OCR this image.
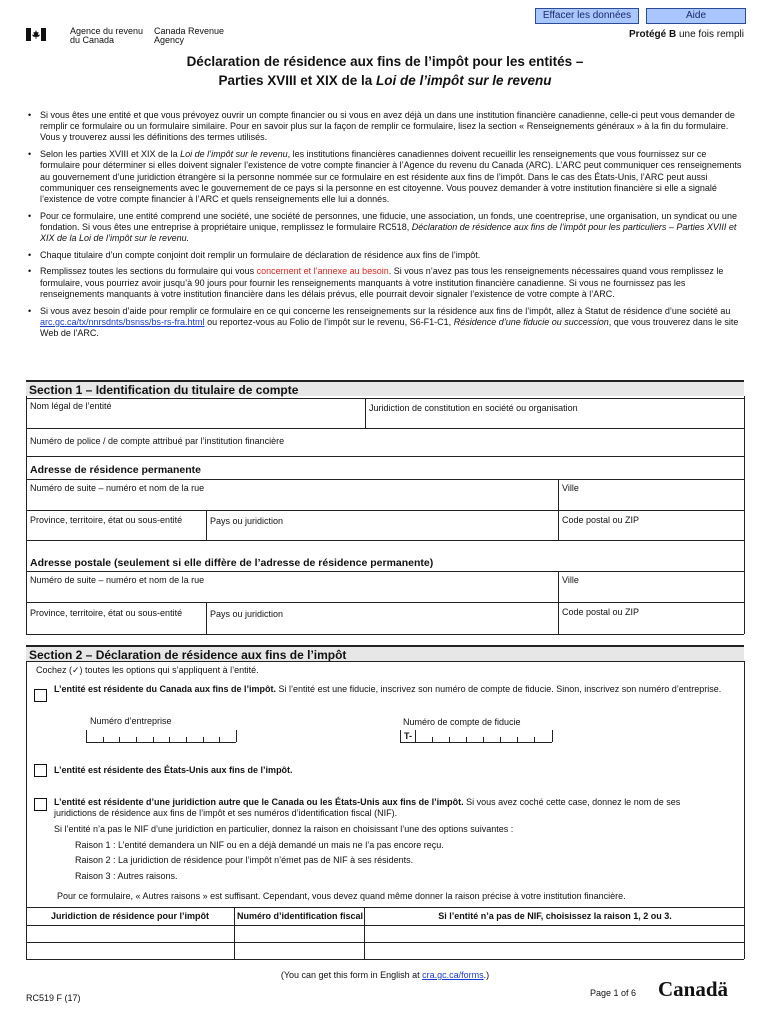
Effacer les données	Aide
Agence du revenu
du Canada
Canada Revenue
Agency	Protégé B une fois rempli
Déclaration de résidence aux fins de l’impôt pour les entités –
Parties XVIII et XIX de la Loi de l’impôt sur le revenu
• Si vous êtes une entité et que vous prévoyez ouvrir un compte financier ou si vous en avez déjà un dans une institution financière canadienne, celle-ci peut vous demander de remplir ce formulaire ou un formulaire similaire. Pour en savoir plus sur la façon de remplir ce formulaire, lisez la section « Renseignements généraux » à la fin du formulaire. Vous y trouverez aussi les définitions des termes utilisés.
• Selon les parties XVIII et XIX de la Loi de l’impôt sur le revenu, les institutions financières canadiennes doivent recueillir les renseignements que vous fournissez sur ce formulaire pour déterminer si elles doivent signaler l’existence de votre compte financier à l’Agence du revenu du Canada (ARC). L’ARC peut communiquer ces renseignements au gouvernement d’une juridiction étrangère si la personne nommée sur ce formulaire en est résidente aux fins de l’impôt. Dans le cas des États-Unis, l’ARC peut aussi communiquer ces renseignements avec le gouvernement de ce pays si la personne en est citoyenne. Vous pouvez demander à votre institution financière si elle a signalé l’existence de votre compte financier à l’ARC et quels renseignements elle lui a donnés.
• Pour ce formulaire, une entité comprend une société, une société de personnes, une fiducie, une association, un fonds, une coentreprise, une organisation, un syndicat ou une fondation. Si vous êtes une entreprise à propriétaire unique, remplissez le formulaire RC518, Déclaration de résidence aux fins de l’impôt pour les particuliers – Parties XVIII et XIX de la Loi de l’impôt sur le revenu.
• Chaque titulaire d’un compte conjoint doit remplir un formulaire de déclaration de résidence aux fins de l’impôt.
• Remplissez toutes les sections du formulaire qui vous concernent et l’annexe au besoin. Si vous n’avez pas tous les renseignements nécessaires quand vous remplissez le formulaire, vous pourriez avoir jusqu’à 90 jours pour fournir les renseignements manquants à votre institution financière canadienne. Si vous ne fournissez pas les renseignements manquants à votre institution financière dans les délais prévus, elle pourrait devoir signaler l’existence de votre compte à l’ARC.
• Si vous avez besoin d’aide pour remplir ce formulaire en ce qui concerne les renseignements sur la résidence aux fins de l’impôt, allez à Statut de résidence d’une société au arc.gc.ca/tx/nnrsdnts/bsnss/bs-rs-fra.html ou reportez-vous au Folio de l’impôt sur le revenu, S6-F1-C1, Résidence d’une fiducie ou succession, que vous trouverez dans le site Web de l’ARC.
Section 1 – Identification du titulaire de compte
Nom légal de l’entité	Juridiction de constitution en société ou organisation
Numéro de police / de compte attribué par l’institution financière
Adresse de résidence permanente
Numéro de suite – numéro et nom de la rue	Ville
Province, territoire, état ou sous-entité	Pays ou juridiction	Code postal ou ZIP
Adresse postale (seulement si elle diffère de l’adresse de résidence permanente)
Numéro de suite – numéro et nom de la rue	Ville
Province, territoire, état ou sous-entité	Pays ou juridiction	Code postal ou ZIP
Section 2 – Déclaration de résidence aux fins de l’impôt
Cochez (✓) toutes les options qui s’appliquent à l’entité.
L’entité est résidente du Canada aux fins de l’impôt. Si l’entité est une fiducie, inscrivez son numéro de compte de fiducie. Sinon, inscrivez son numéro d’entreprise.
Numéro d’entreprise	Numéro de compte de fiducie
T-
L’entité est résidente des États-Unis aux fins de l’impôt.
L’entité est résidente d’une juridiction autre que le Canada ou les États-Unis aux fins de l’impôt. Si vous avez coché cette case, donnez le nom de ses juridictions de résidence aux fins de l’impôt et ses numéros d’identification fiscal (NIF).
Si l’entité n’a pas le NIF d’une juridiction en particulier, donnez la raison en choisissant l’une des options suivantes :
Raison 1 : L’entité demandera un NIF ou en a déjà demandé un mais ne l’a pas encore reçu.
Raison 2 : La juridiction de résidence pour l’impôt n’émet pas de NIF à ses résidents.
Raison 3 : Autres raisons.
Pour ce formulaire, « Autres raisons » est suffisant. Cependant, vous devez quand même donner la raison précise à votre institution financière.
Juridiction de résidence pour l’impôt	Numéro d’identification fiscal	Si l’entité n’a pas de NIF, choisissez la raison 1, 2 ou 3.
(You can get this form in English at cra.gc.ca/forms.)
RC519 F (17)	Page 1 of 6 Canadä
